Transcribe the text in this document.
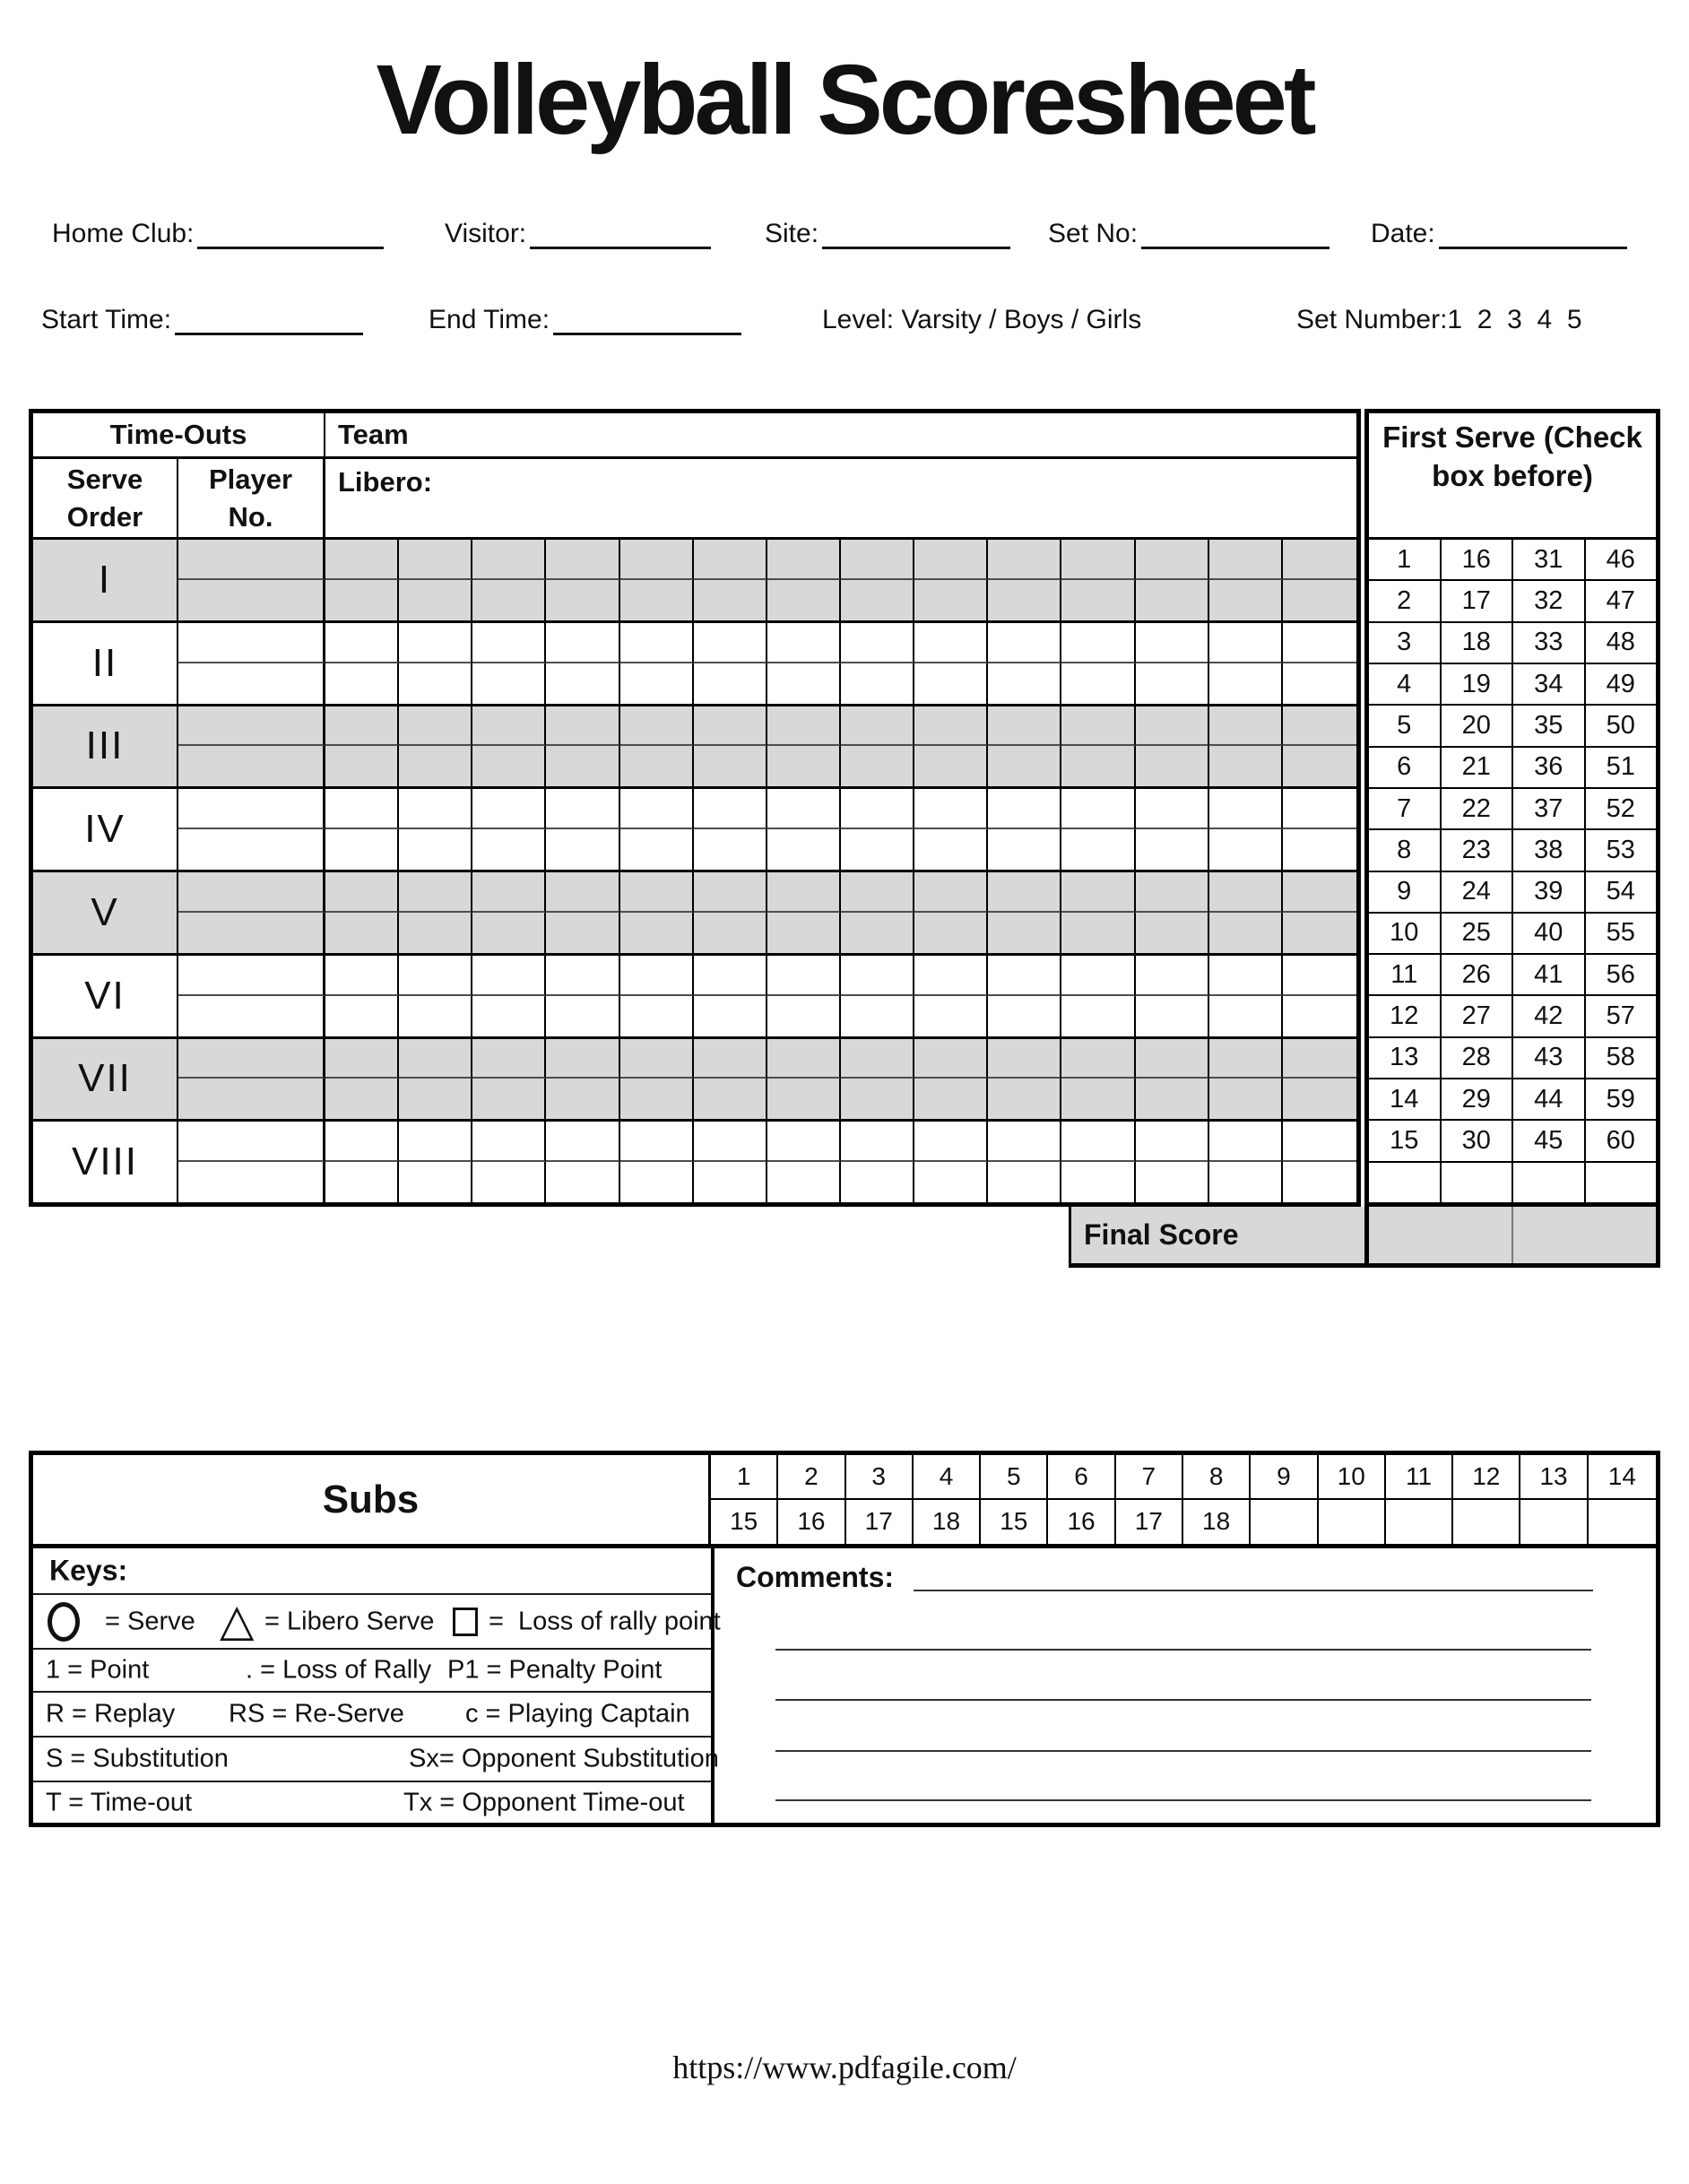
Volleyball Scoresheet
Home Club:	Visitor:	Site:	Set No:	Date:
Start Time:	End Time:	Level: Varsity / Boys / Girls	Set Number: 1  2  3  4  5
Time-Outs	Team
Serve Order
Player No.
Libero:
I
II
III
IV
V
VI
VII
VIII
First Serve (Check box before)
1	16	31	46
2	17	32	47
3	18	33	48
4	19	34	49
5	20	35	50
6	21	36	51
7	22	37	52
8	23	38	53
9	24	39	54
10	25	40	55
11	26	41	56
12	27	42	57
13	28	43	58
14	29	44	59
15	30	45	60
Final Score
Subs
1	2	3	4	5	6	7	8	9	10	11	12	13	14
15	16	17	18	15	16	17	18
Keys:
= Serve △	= Libero Serve =  Loss of rally point
1 = Point	. = Loss of Rally P1 = Penalty Point
R = Replay RS = Re-Serve c = Playing Captain
S = Substitution	Sx= Opponent Substitution
T = Time-out	Tx = Opponent Time-out
Comments:
https://www.pdfagile.com/
